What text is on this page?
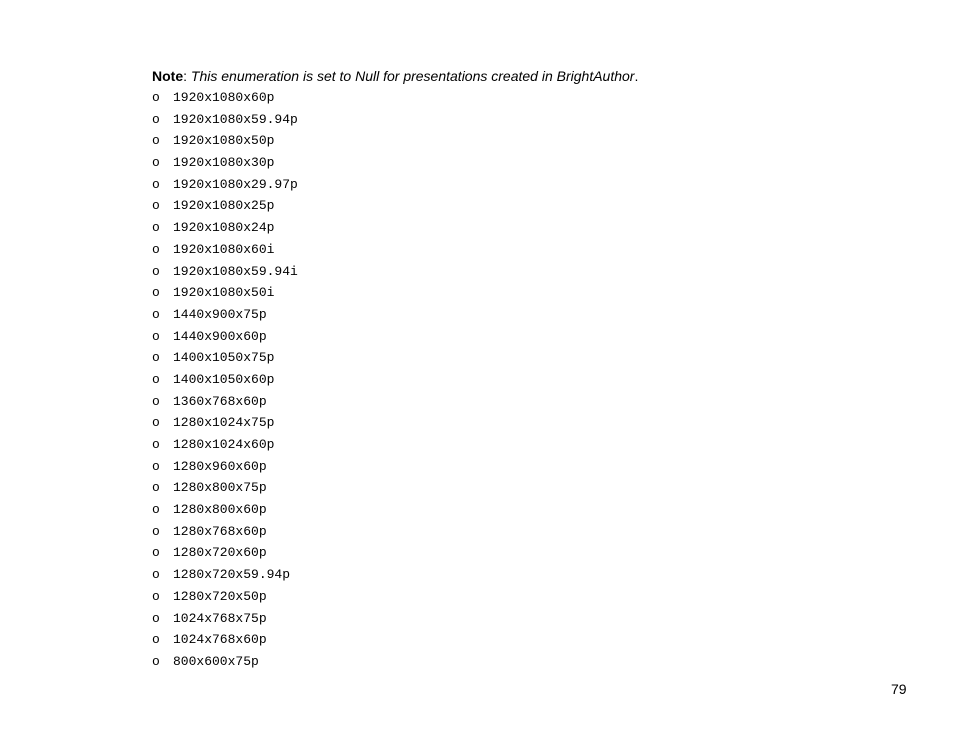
Note: This enumeration is set to Null for presentations created in BrightAuthor.
o	1920x1080x60p
o	1920x1080x59.94p
o	1920x1080x50p
o	1920x1080x30p
o	1920x1080x29.97p
o	1920x1080x25p
o	1920x1080x24p
o	1920x1080x60i
o	1920x1080x59.94i
o	1920x1080x50i
o	1440x900x75p
o	1440x900x60p
o	1400x1050x75p
o	1400x1050x60p
o	1360x768x60p
o	1280x1024x75p
o	1280x1024x60p
o	1280x960x60p
o	1280x800x75p
o	1280x800x60p
o	1280x768x60p
o	1280x720x60p
o	1280x720x59.94p
o	1280x720x50p
o	1024x768x75p
o	1024x768x60p
o	800x600x75p
79
